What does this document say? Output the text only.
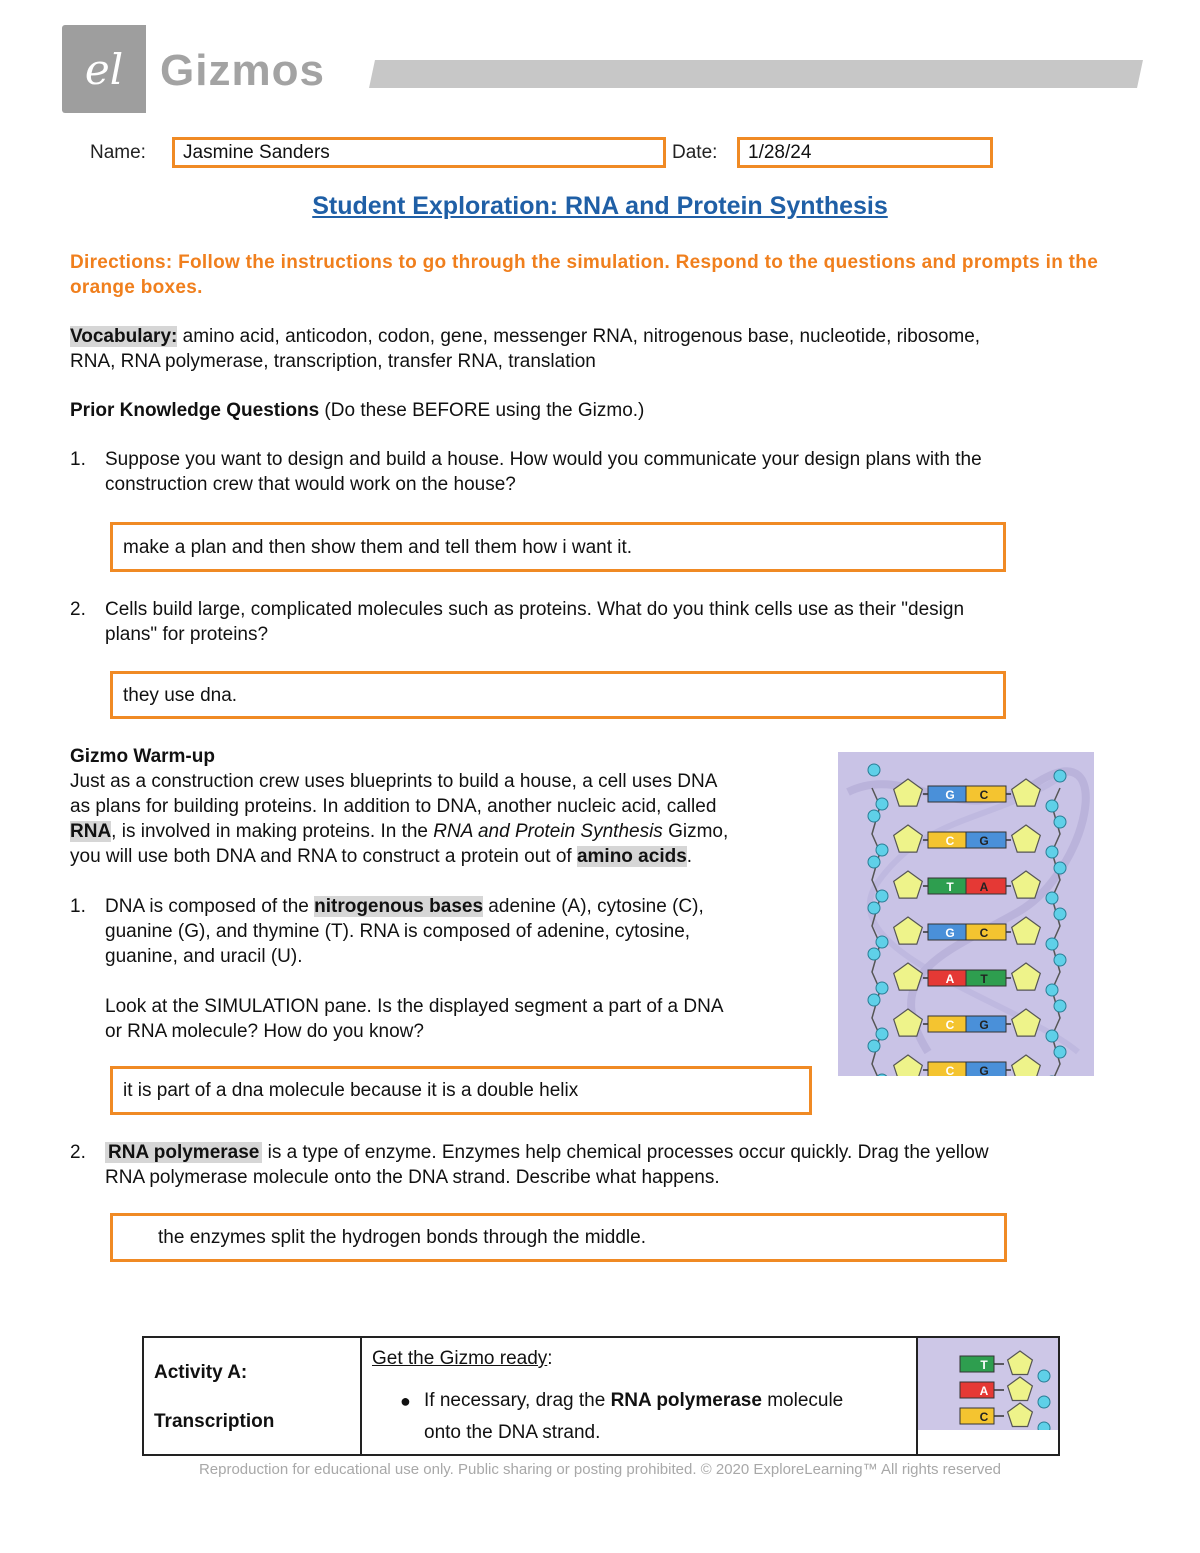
el Gizmos
Name:	Jasmine Sanders	Date:	1/28/24
Student Exploration: RNA and Protein Synthesis
Directions: Follow the instructions to go through the simulation. Respond to the questions and prompts in the orange boxes.
Vocabulary: amino acid, anticodon, codon, gene, messenger RNA, nitrogenous base, nucleotide, ribosome,
RNA, RNA polymerase, transcription, transfer RNA, translation
Prior Knowledge Questions (Do these BEFORE using the Gizmo.)
1. Suppose you want to design and build a house. How would you communicate your design plans with the
construction crew that would work on the house?
make a plan and then show them and tell them how i want it.
2. Cells build large, complicated molecules such as proteins. What do you think cells use as their "design
plans" for proteins?
they use dna.
Gizmo Warm-up
Just as a construction crew uses blueprints to build a house, a cell uses DNA
as plans for building proteins. In addition to DNA, another nucleic acid, called
RNA, is involved in making proteins. In the RNA and Protein Synthesis Gizmo,
you will use both DNA and RNA to construct a protein out of amino acids.
1. DNA is composed of the nitrogenous bases adenine (A), cytosine (C),
guanine (G), and thymine (T). RNA is composed of adenine, cytosine,
guanine, and uracil (U).
Look at the SIMULATION pane. Is the displayed segment a part of a DNA
or RNA molecule? How do you know?
it is part of a dna molecule because it is a double helix
G C
C G
T A
G C
A T
C G
C G
2. RNA polymerase is a type of enzyme. Enzymes help chemical processes occur quickly. Drag the yellow
RNA polymerase molecule onto the DNA strand. Describe what happens.
the enzymes split the hydrogen bonds through the middle.
Activity A:
Transcription

Get the Gizmo ready:
● If necessary, drag the RNA polymerase molecule
onto the DNA strand.

T
A
C
Reproduction for educational use only. Public sharing or posting prohibited. © 2020 ExploreLearning™ All rights reserved
